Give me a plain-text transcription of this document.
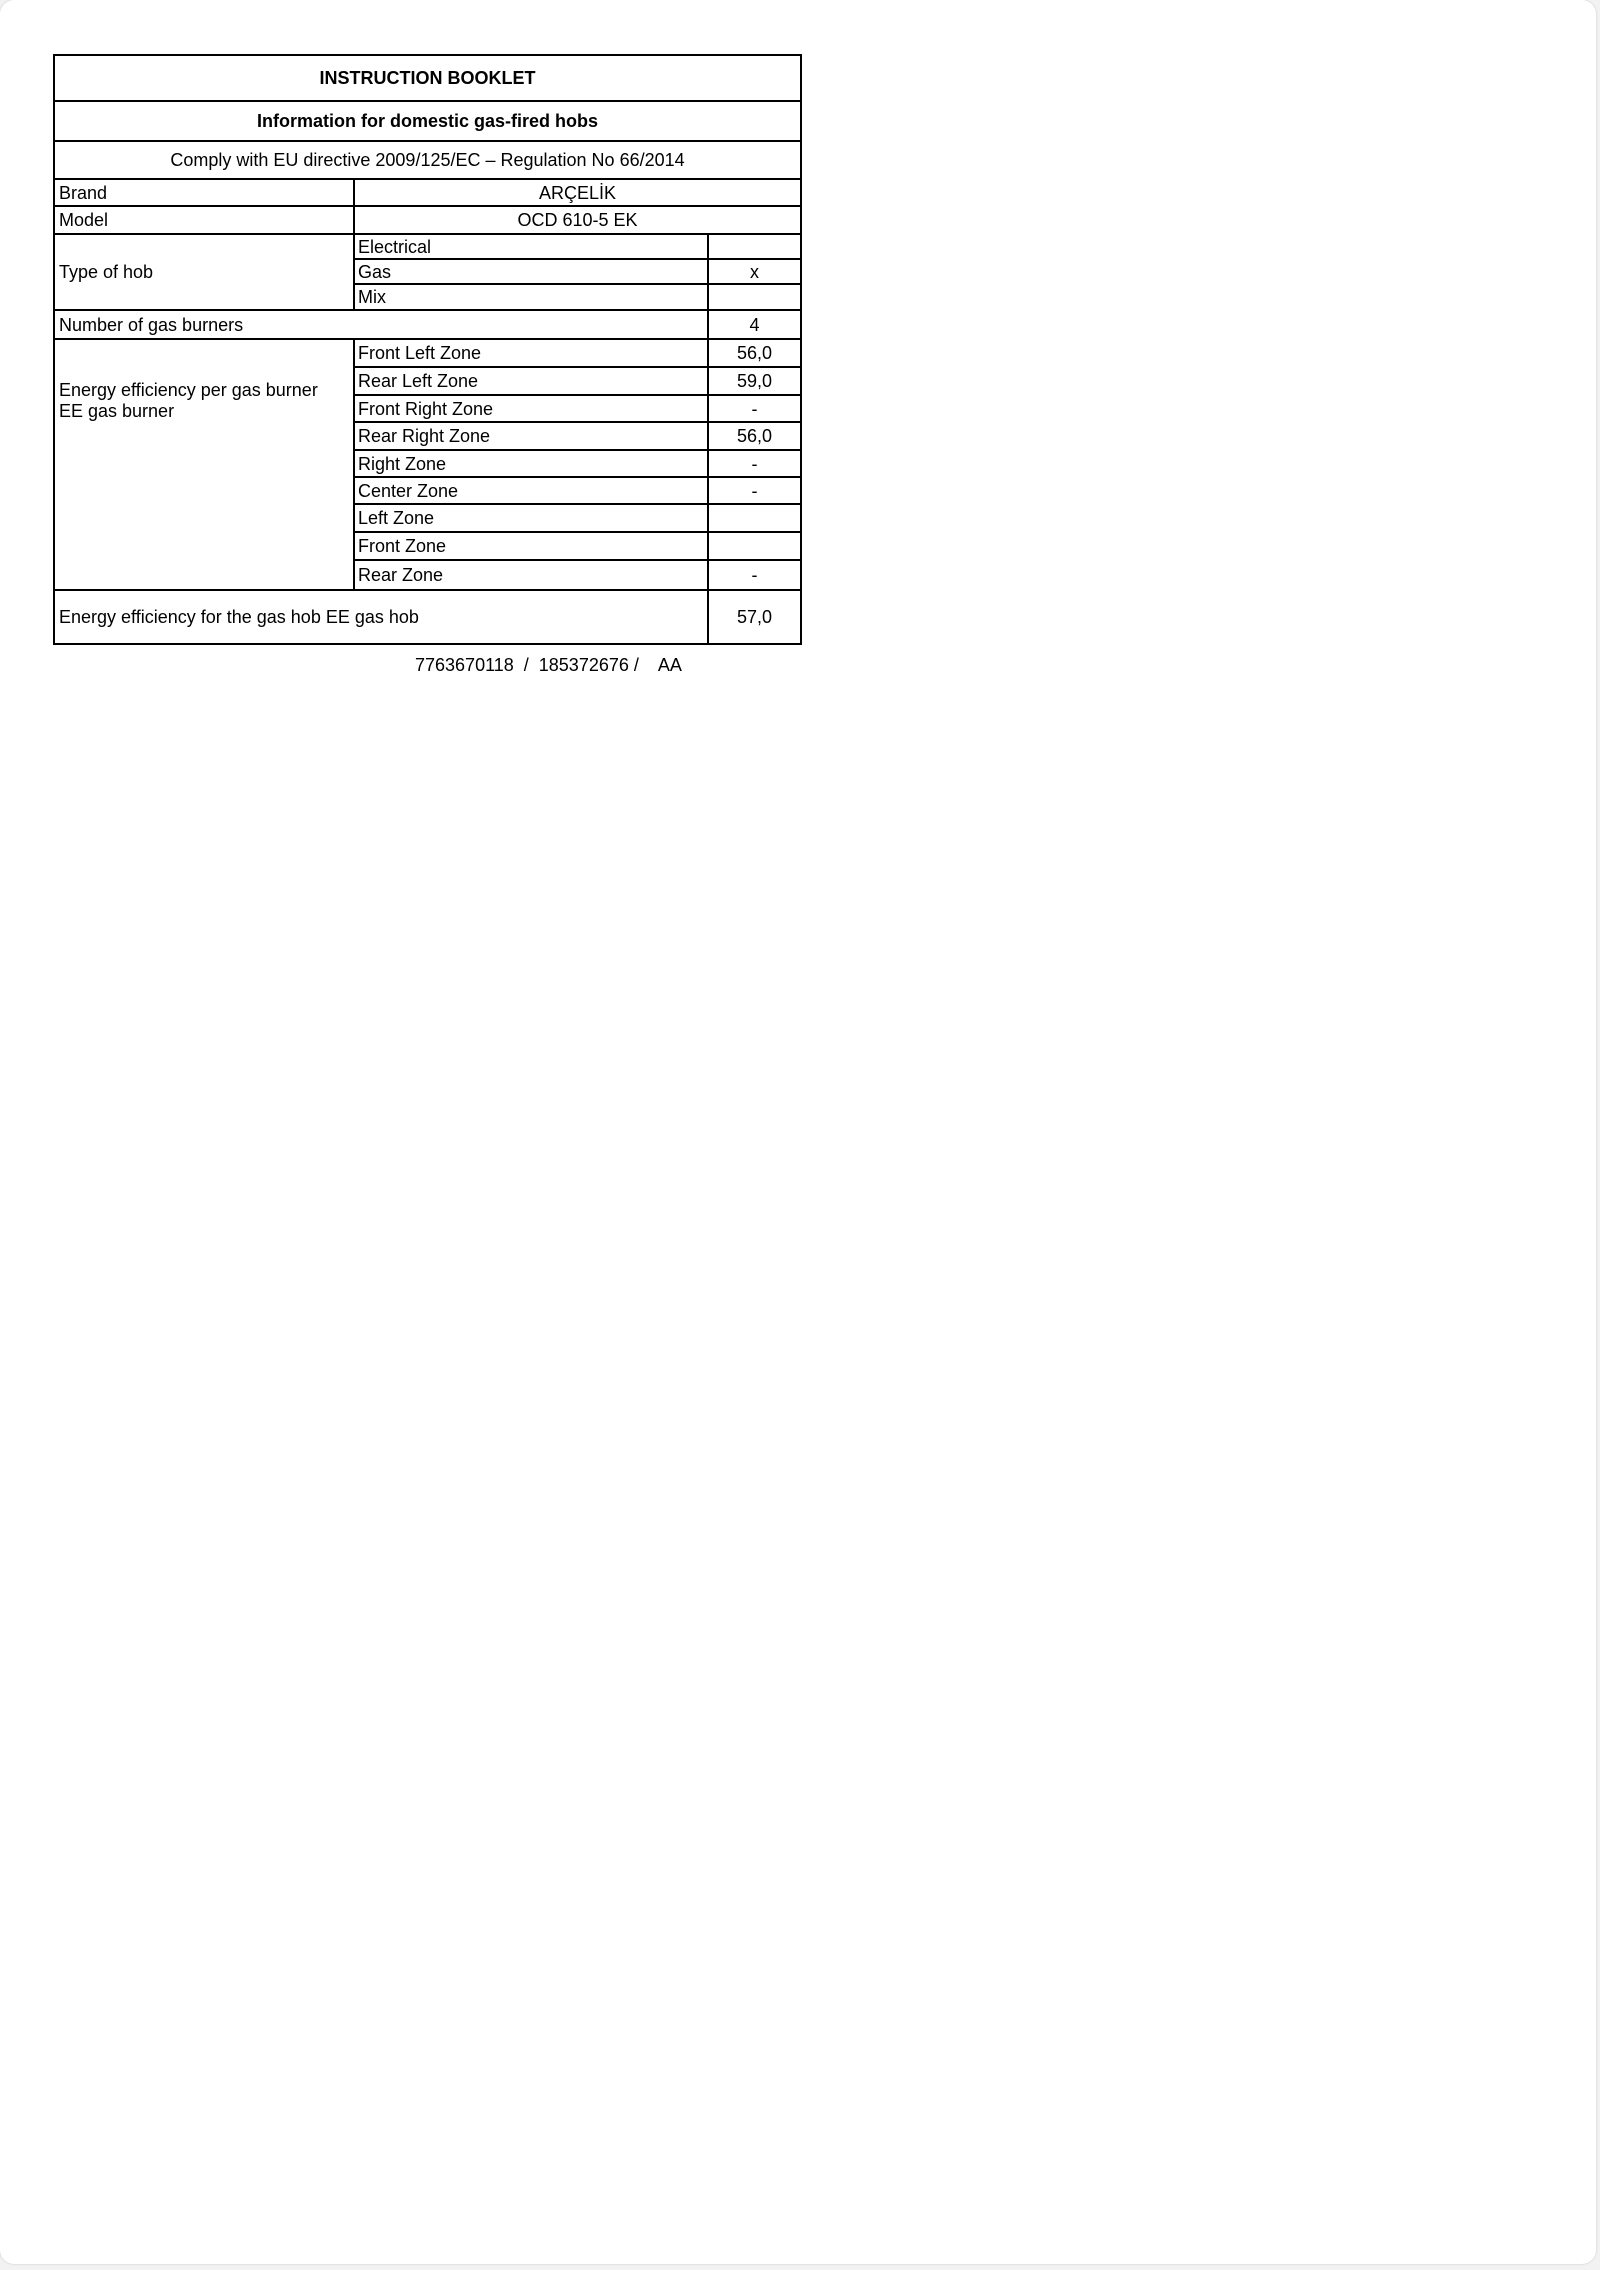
INSTRUCTION BOOKLET
Information for domestic gas-fired hobs
Comply with EU directive 2009/125/EC – Regulation No 66/2014
Brand	ARÇELİK
Model	OCD 610-5 EK
Type of hob
Electrical
Gas	x
Mix
Number of gas burners	4
Energy efficiency per gas burner
EE gas burner
Front Left Zone	56,0
Rear Left Zone	59,0
Front Right Zone	-
Rear Right Zone	56,0
Right Zone	-
Center Zone	-
Left Zone
Front Zone
Rear Zone	-
Energy efficiency for the gas hob EE gas hob	57,0
7763670118  /  185372676 /    AA
